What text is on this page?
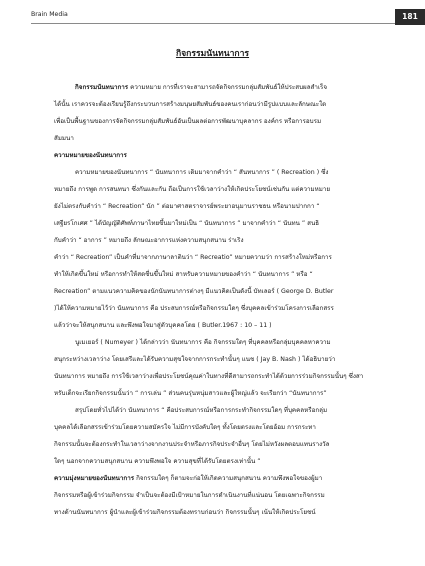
Brain Media	181
กิจกรรมนันทนาการ
กิจกรรมนันทนาการ ความหมาย การที่เราจะสามารถจัดกิจกรรมกลุ่มสัมพันธ์ให้ประสบผลสำเร็จ
ได้นั้น เราควรจะต้องเรียนรู้ถึงกระบวนการสร้างมนุษยสัมพันธ์ของคนเราก่อนว่ามีรูปแบบและลักษณะใด
เพื่อเป็นพื้นฐานของการจัดกิจกรรมกลุ่มสัมพันธ์อันเป็นผลต่อการพัฒนาบุคลากร องค์กร หรือการอบรม
สัมมนา
ความหมายของนันทนาการ
ความหมายของนันทนาการ “ นันทนาการ เดิมมาจากคำว่า “ สันทนาการ ” ( Recreation ) ซึ่ง
หมายถึง การพูด การสนทนา ซึ่งกันและกัน ถือเป็นการใช้เวลาว่างให้เกิดประโยชน์เช่นกัน แต่ความหมาย
ยังไม่ตรงกับคำว่า “ Recreation” นัก ” ต่อมาศาสตราจารย์พระยาอนุมานราชธน หรือนามปากกา “
เสฐียรโกเศศ ” ได้บัญญัติศัพท์ภาษาไทยขึ้นมาใหม่เป็น “ นันทนาการ ” มาจากคำว่า “ นันทน ” สนธิ
กับคำว่า “ อาการ ” หมายถึง ลักษณะอาการแห่งความสนุกสนาน ร่าเริง
คำว่า “ Recreation” เป็นคำที่มาจากภาษาลาตินว่า “ Recreatio” หมายความว่า การสร้างใหม่หรือการ
ทำให้เกิดขึ้นใหม่ หรือการทำให้สดชื่นขึ้นใหม่ สาหรับความหมายของคำว่า “ นันทนาการ ” หรือ “
Recreation” ตามแนวความคิดของนักนันทนาการต่างๆ มีแนวคิดเป็นดังนี้ บัทเลอร์ ( George D. Butler
)ได้ให้ความหมายไว้ว่า นันทนาการ คือ ประสบการณ์หรือกิจกรรมใดๆ ซึ่งบุคคลเข้าร่วมโครงการเลือกสรร
แล้วว่าจะให้สนุกสนาน และพึงพอใจมาสู่ตัวบุคคลโดย ( Butler.1967 : 10 – 11 )
นูเมเยอร์ ( Numeyer ) ได้กล่าวว่า นันทนาการ คือ กิจกรรมใดๆ ที่บุคคลหรือกลุ่มบุคคลหาความ
สนุกระหว่างเวลาว่าง โดยเสรีและได้รับความสุขใจจากการกระทำนั้นๆ แนช ( Jay B. Nash ) ได้อธิบายว่า
นันทนาการ หมายถึง การใช้เวลาว่างเพื่อประโยชน์คุณค่าในทางที่ดีสามารถกระทำได้ด้วยการร่วมกิจกรรมนั้นๆ ซึ่งสา
หรับเด็กจะเรียกกิจกรรมนั้นว่า “ การเล่น ” ส่วนคนรุ่นหนุ่มสาวและผู้ใหญ่แล้ว จะเรียกว่า “นันทนาการ”
สรุปโดยทั่วไปได้ว่า นันทนาการ “ คือประสบการณ์หรือการกระทำกิจกรรมใดๆ ที่บุคคลหรือกลุ่ม
บุคคลได้เลือกสรรเข้าร่วมโดยความสมัครใจ ไม่มีการบังคับใดๆ ทั้งโดยตรงและโดยอ้อม การกระทา
กิจกรรมนั้นจะต้องกระทำในเวลาว่างจากงานประจำหรือภารกิจประจำอื่นๆ โดยไม่หวังผลตอบแทนรางวัล
ใดๆ นอกจากความสนุกสนาน ความพึงพอใจ ความสุขที่ได้รับโดยตรงเท่านั้น ”
ความมุ่งหมายของนันทนาการ กิจกรรมใดๆ ก็ตามจะก่อให้เกิดความสนุกสนาน ความพึงพอใจของผู้มา
กิจกรรมหรือผู้เข้าร่วมกิจกรรม จำเป็นจะต้องมีเป้าหมายในการดำเนินงานที่แน่นอน โดยเฉพาะกิจกรรม
ทางด้านนันทนาการ ผู้นำและผู้เข้าร่วมกิจกรรมต้องทราบก่อนว่า กิจกรรมนั้นๆ เน้นให้เกิดประโยชน์
